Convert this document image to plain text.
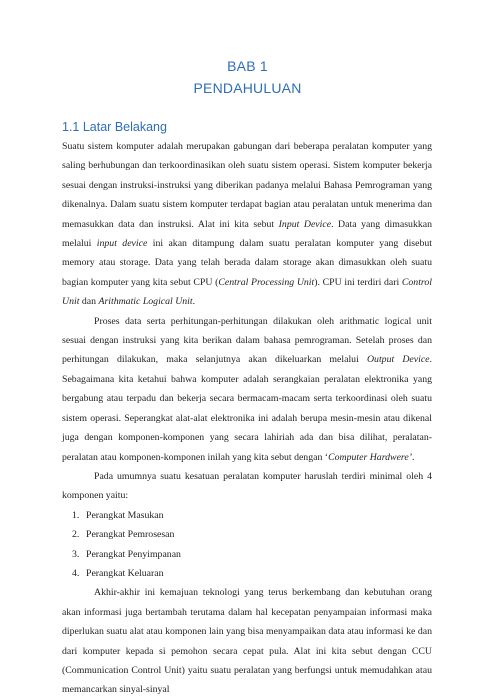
BAB 1
PENDAHULUAN
1.1 Latar Belakang

Suatu sistem komputer adalah merupakan gabungan dari beberapa peralatan komputer yang saling berhubungan dan terkoordinasikan oleh suatu sistem operasi. Sistem komputer bekerja sesuai dengan instruksi-instruksi yang diberikan padanya melalui Bahasa Pemrograman yang dikenalnya. Dalam suatu sistem komputer terdapat bagian atau peralatan untuk menerima dan memasukkan data dan instruksi. Alat ini kita sebut Input Device. Data yang dimasukkan melalui input device ini akan ditampung dalam suatu peralatan komputer yang disebut memory atau storage. Data yang telah berada dalam storage akan dimasukkan oleh suatu bagian komputer yang kita sebut CPU (Central Processing Unit). CPU ini terdiri dari Control Unit dan Arithmatic Logical Unit.

Proses data serta perhitungan-perhitungan dilakukan oleh arithmatic logical unit sesuai dengan instruksi yang kita berikan dalam bahasa pemrograman. Setelah proses dan perhitungan dilakukan, maka selanjutnya akan dikeluarkan melalui Output Device. Sebagaimana kita ketahui bahwa komputer adalah serangkaian peralatan elektronika yang bergabung atau terpadu dan bekerja secara bermacam-macam serta terkoordinasi oleh suatu sistem operasi. Seperangkat alat-alat elektronika ini adalah berupa mesin-mesin atau dikenal juga dengan komponen-komponen yang secara lahiriah ada dan bisa dilihat, peralatan-peralatan atau komponen-komponen inilah yang kita sebut dengan ‘Computer Hardwere’.

Pada umumnya suatu kesatuan peralatan komputer haruslah terdiri minimal oleh 4 komponen yaitu:

1. Perangkat Masukan
2. Perangkat Pemrosesan
3. Perangkat Penyimpanan
4. Perangkat Keluaran

Akhir-akhir ini kemajuan teknologi yang terus berkembang dan kebutuhan orang akan informasi juga bertambah terutama dalam hal kecepatan penyampaian informasi maka diperlukan suatu alat atau komponen lain yang bisa menyampaikan data atau informasi ke dan dari komputer kepada si pemohon secara cepat pula. Alat ini kita sebut dengan CCU (Communication Control Unit) yaitu suatu peralatan yang berfungsi untuk memudahkan atau memancarkan sinyal-sinyal
